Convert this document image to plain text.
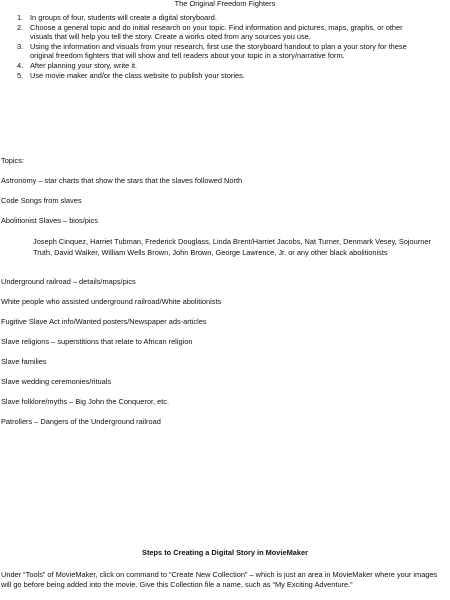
The Original Freedom Fighters
1. In groups of four, students will create a digital storyboard.
2. Choose a general topic and do initial research on your topic. Find information and pictures, maps, graphs, or other visuals that will help you tell the story. Create a works cited from any sources you use.
3. Using the information and visuals from your research, first use the storyboard handout to plan a your story for these original freedom fighters that will show and tell readers about your topic in a story/narrative form.
4. After planning your story, write it.
5. Use movie maker and/or the class website to publish your stories.
Topics:
Astronomy – star charts that show the stars that the slaves followed North
Code Songs from slaves
Abolitionist Slaves – bios/pics
Joseph Cinquez, Harriet Tubman, Frederick Douglass, Linda Brent/Harriet Jacobs, Nat Turner, Denmark Vesey, Sojourner Truth, David Walker, William Wells Brown, John Brown, George Lawrence, Jr. or any other black abolitionists
Underground railroad – details/maps/pics
White people who assisted underground railroad/White abolitionists
Fugitive Slave Act info/Wanted posters/Newspaper ads-articles
Slave religions – superstitions that relate to African religion
Slave families
Slave wedding ceremonies/rituals
Slave folklore/myths – Big John the Conqueror, etc.
Patrollers – Dangers of the Underground railroad
Steps to Creating a Digital Story in MovieMaker
Under “Tools” of MovieMaker, click on command to “Create New Collection” – which is just an area in MovieMaker where your images will go before being added into the movie. Give this Collection file a name, such as “My Exciting Adventure.”
